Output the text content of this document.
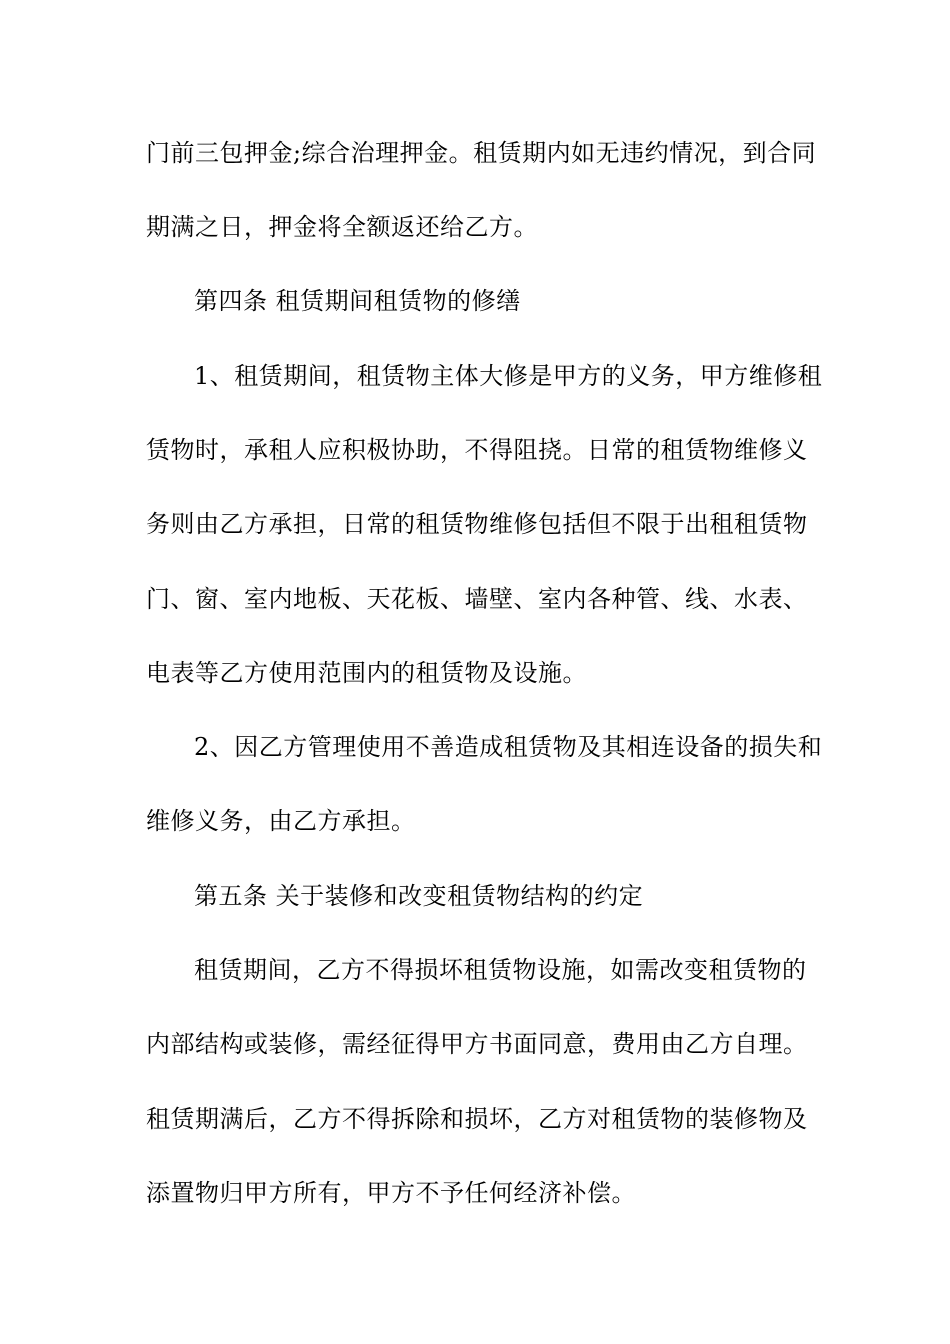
门前三包押金;综合治理押金。租赁期内如无违约情况，到合同
期满之日，押金将全额返还给乙方。
第四条 租赁期间租赁物的修缮
1、租赁期间，租赁物主体大修是甲方的义务，甲方维修租
赁物时，承租人应积极协助，不得阻挠。日常的租赁物维修义
务则由乙方承担，日常的租赁物维修包括但不限于出租租赁物
门、窗、室内地板、天花板、墙壁、室内各种管、线、水表、
电表等乙方使用范围内的租赁物及设施。
2、因乙方管理使用不善造成租赁物及其相连设备的损失和
维修义务，由乙方承担。
第五条 关于装修和改变租赁物结构的约定
租赁期间，乙方不得损坏租赁物设施，如需改变租赁物的
内部结构或装修，需经征得甲方书面同意，费用由乙方自理。
租赁期满后，乙方不得拆除和损坏，乙方对租赁物的装修物及
添置物归甲方所有，甲方不予任何经济补偿。
